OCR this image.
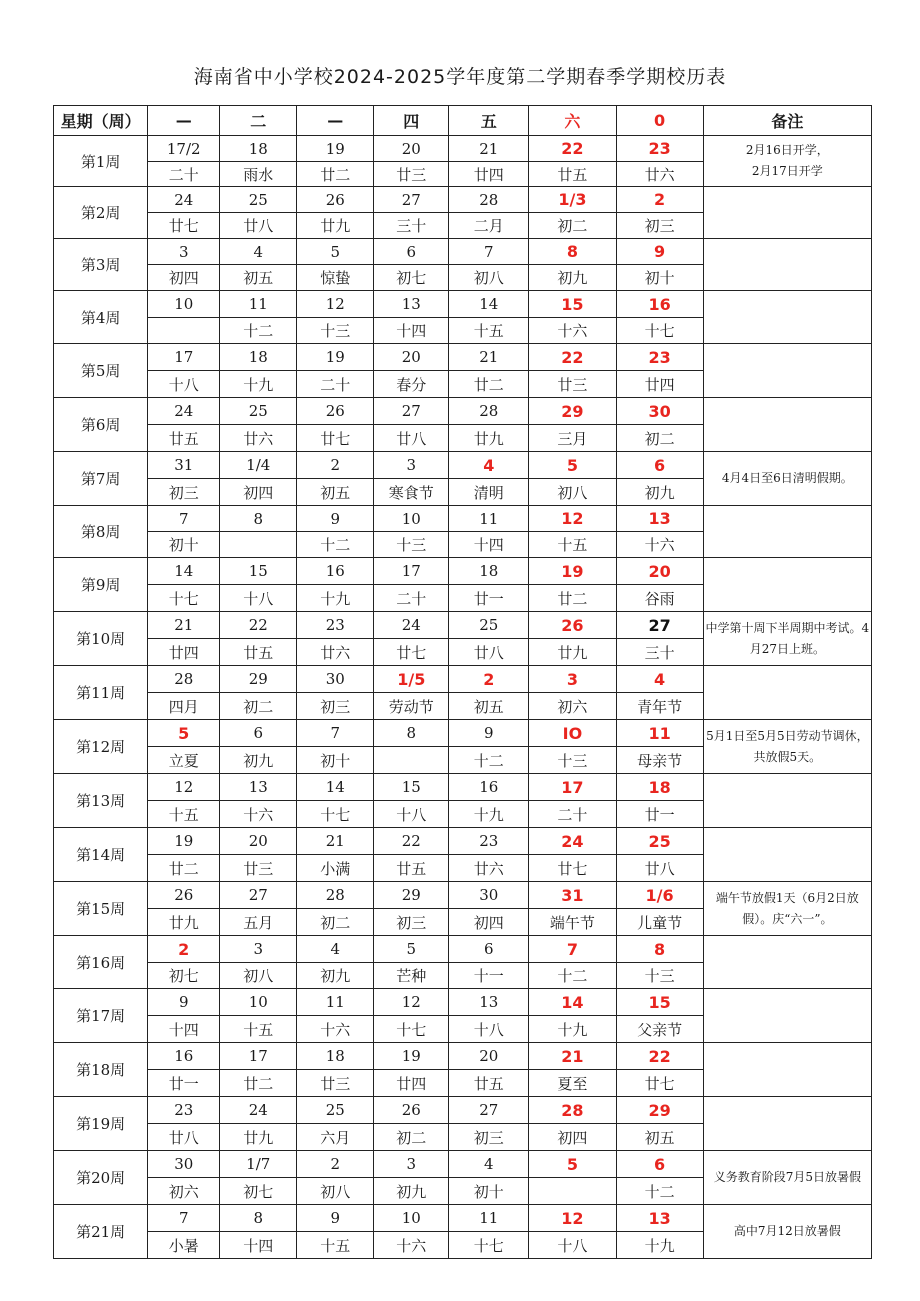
海南省中小学校2024-2025学年度第二学期春季学期校历表
星期（周）	—	二	—	四	五	六	0	备注
第1周	17/2	18	19	20	21	22	23	2月16日开学，
2月17日开学
	二十	雨水	廿二	廿三	廿四	廿五	廿六	
第2周	24	25	26	27	28	1/3	2	
	廿七	廿八	廿九	三十	二月	初二	初三	
第3周	3	4	5	6	7	8	9	
	初四	初五	惊蛰	初七	初八	初九	初十	
第4周	10	11	12	13	14	15	16	
		十二	十三	十四	十五	十六	十七	
第5周	17	18	19	20	21	22	23	
	十八	十九	二十	春分	廿二	廿三	廿四	
第6周	24	25	26	27	28	29	30	
	廿五	廿六	廿七	廿八	廿九	三月	初二	
第7周	31	1/4	2	3	4	5	6	4月4日至6日清明假期。
	初三	初四	初五	寒食节	清明	初八	初九	
第8周	7	8	9	10	11	12	13	
	初十		十二	十三	十四	十五	十六	
第9周	14	15	16	17	18	19	20	
	十七	十八	十九	二十	廿一	廿二	谷雨	
第10周	21	22	23	24	25	26	27	中学第十周下半周期中考试。4月27日上班。
	廿四	廿五	廿六	廿七	廿八	廿九	三十	
第11周	28	29	30	1/5	2	3	4	
	四月	初二	初三	劳动节	初五	初六	青年节	
第12周	5	6	7	8	9	IO	11	5月1日至5月5日劳动节调休，共放假5天。
	立夏	初九	初十		十二	十三	母亲节	
第13周	12	13	14	15	16	17	18	
	十五	十六	十七	十八	十九	二十	廿一	
第14周	19	20	21	22	23	24	25	
	廿二	廿三	小满	廿五	廿六	廿七	廿八	
第15周	26	27	28	29	30	31	1/6	端午节放假1天（6月2日放假）。庆“六一”。
	廿九	五月	初二	初三	初四	端午节	儿童节	
第16周	2	3	4	5	6	7	8	
	初七	初八	初九	芒种	十一	十二	十三	
第17周	9	10	11	12	13	14	15	
	十四	十五	十六	十七	十八	十九	父亲节	
第18周	16	17	18	19	20	21	22	
	廿一	廿二	廿三	廿四	廿五	夏至	廿七	
第19周	23	24	25	26	27	28	29	
	廿八	廿九	六月	初二	初三	初四	初五	
第20周	30	1/7	2	3	4	5	6	义务教育阶段7月5日放暑假
	初六	初七	初八	初九	初十		十二	
第21周	7	8	9	10	11	12	13	高中7月12日放暑假
	小暑	十四	十五	十六	十七	十八	十九	
